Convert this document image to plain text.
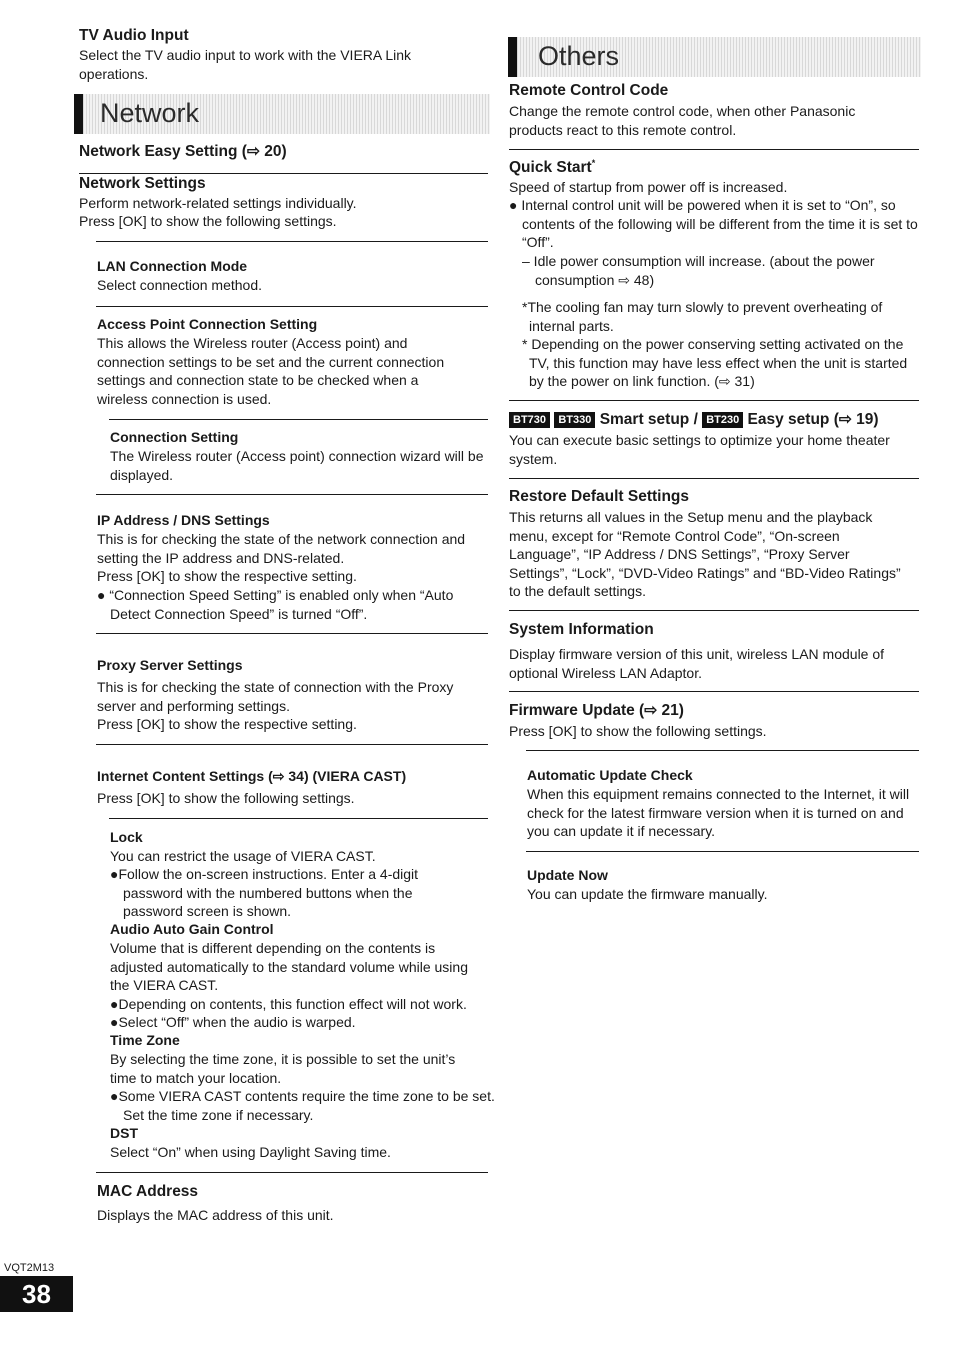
TV Audio Input
Select the TV audio input to work with the VIERA Link operations.
Network
Network Easy Setting (⇨ 20)
Network Settings
Perform network-related settings individually.
Press [OK] to show the following settings.
LAN Connection Mode
Select connection method.
Access Point Connection Setting
This allows the Wireless router (Access point) and connection settings to be set and the current connection settings and connection state to be checked when a wireless connection is used.
Connection Setting
The Wireless router (Access point) connection wizard will be displayed.
IP Address / DNS Settings
This is for checking the state of the network connection and setting the IP address and DNS-related.
Press [OK] to show the respective setting.
● “Connection Speed Setting” is enabled only when “Auto Detect Connection Speed” is turned “Off”.
Proxy Server Settings
This is for checking the state of connection with the Proxy server and performing settings.
Press [OK] to show the respective setting.
Internet Content Settings (⇨ 34) (VIERA CAST)
Press [OK] to show the following settings.
Lock
You can restrict the usage of VIERA CAST.
●Follow the on-screen instructions. Enter a 4-digit password with the numbered buttons when the password screen is shown.
Audio Auto Gain Control
Volume that is different depending on the contents is adjusted automatically to the standard volume while using the VIERA CAST.
●Depending on contents, this function effect will not work.
●Select “Off” when the audio is warped.
Time Zone
By selecting the time zone, it is possible to set the unit’s time to match your location.
●Some VIERA CAST contents require the time zone to be set. Set the time zone if necessary.
DST
Select “On” when using Daylight Saving time.
MAC Address
Displays the MAC address of this unit.
Others
Remote Control Code
Change the remote control code, when other Panasonic products react to this remote control.
Quick Start*
Speed of startup from power off is increased.
● Internal control unit will be powered when it is set to “On”, so contents of the following will be different from the time it is set to “Off”.
– Idle power consumption will increase. (about the power consumption ⇨ 48)
*The cooling fan may turn slowly to prevent overheating of internal parts.
* Depending on the power conserving setting activated on the TV, this function may have less effect when the unit is started by the power on link function. (⇨ 31)
BT730 BT330 Smart setup / BT230 Easy setup (⇨ 19)
You can execute basic settings to optimize your home theater system.
Restore Default Settings
This returns all values in the Setup menu and the playback menu, except for “Remote Control Code”, “On-screen Language”, “IP Address / DNS Settings”, “Proxy Server Settings”, “Lock”, “DVD-Video Ratings” and “BD-Video Ratings” to the default settings.
System Information
Display firmware version of this unit, wireless LAN module of optional Wireless LAN Adaptor.
Firmware Update (⇨ 21)
Press [OK] to show the following settings.
Automatic Update Check
When this equipment remains connected to the Internet, it will check for the latest firmware version when it is turned on and you can update it if necessary.
Update Now
You can update the firmware manually.
VQT2M13
38
